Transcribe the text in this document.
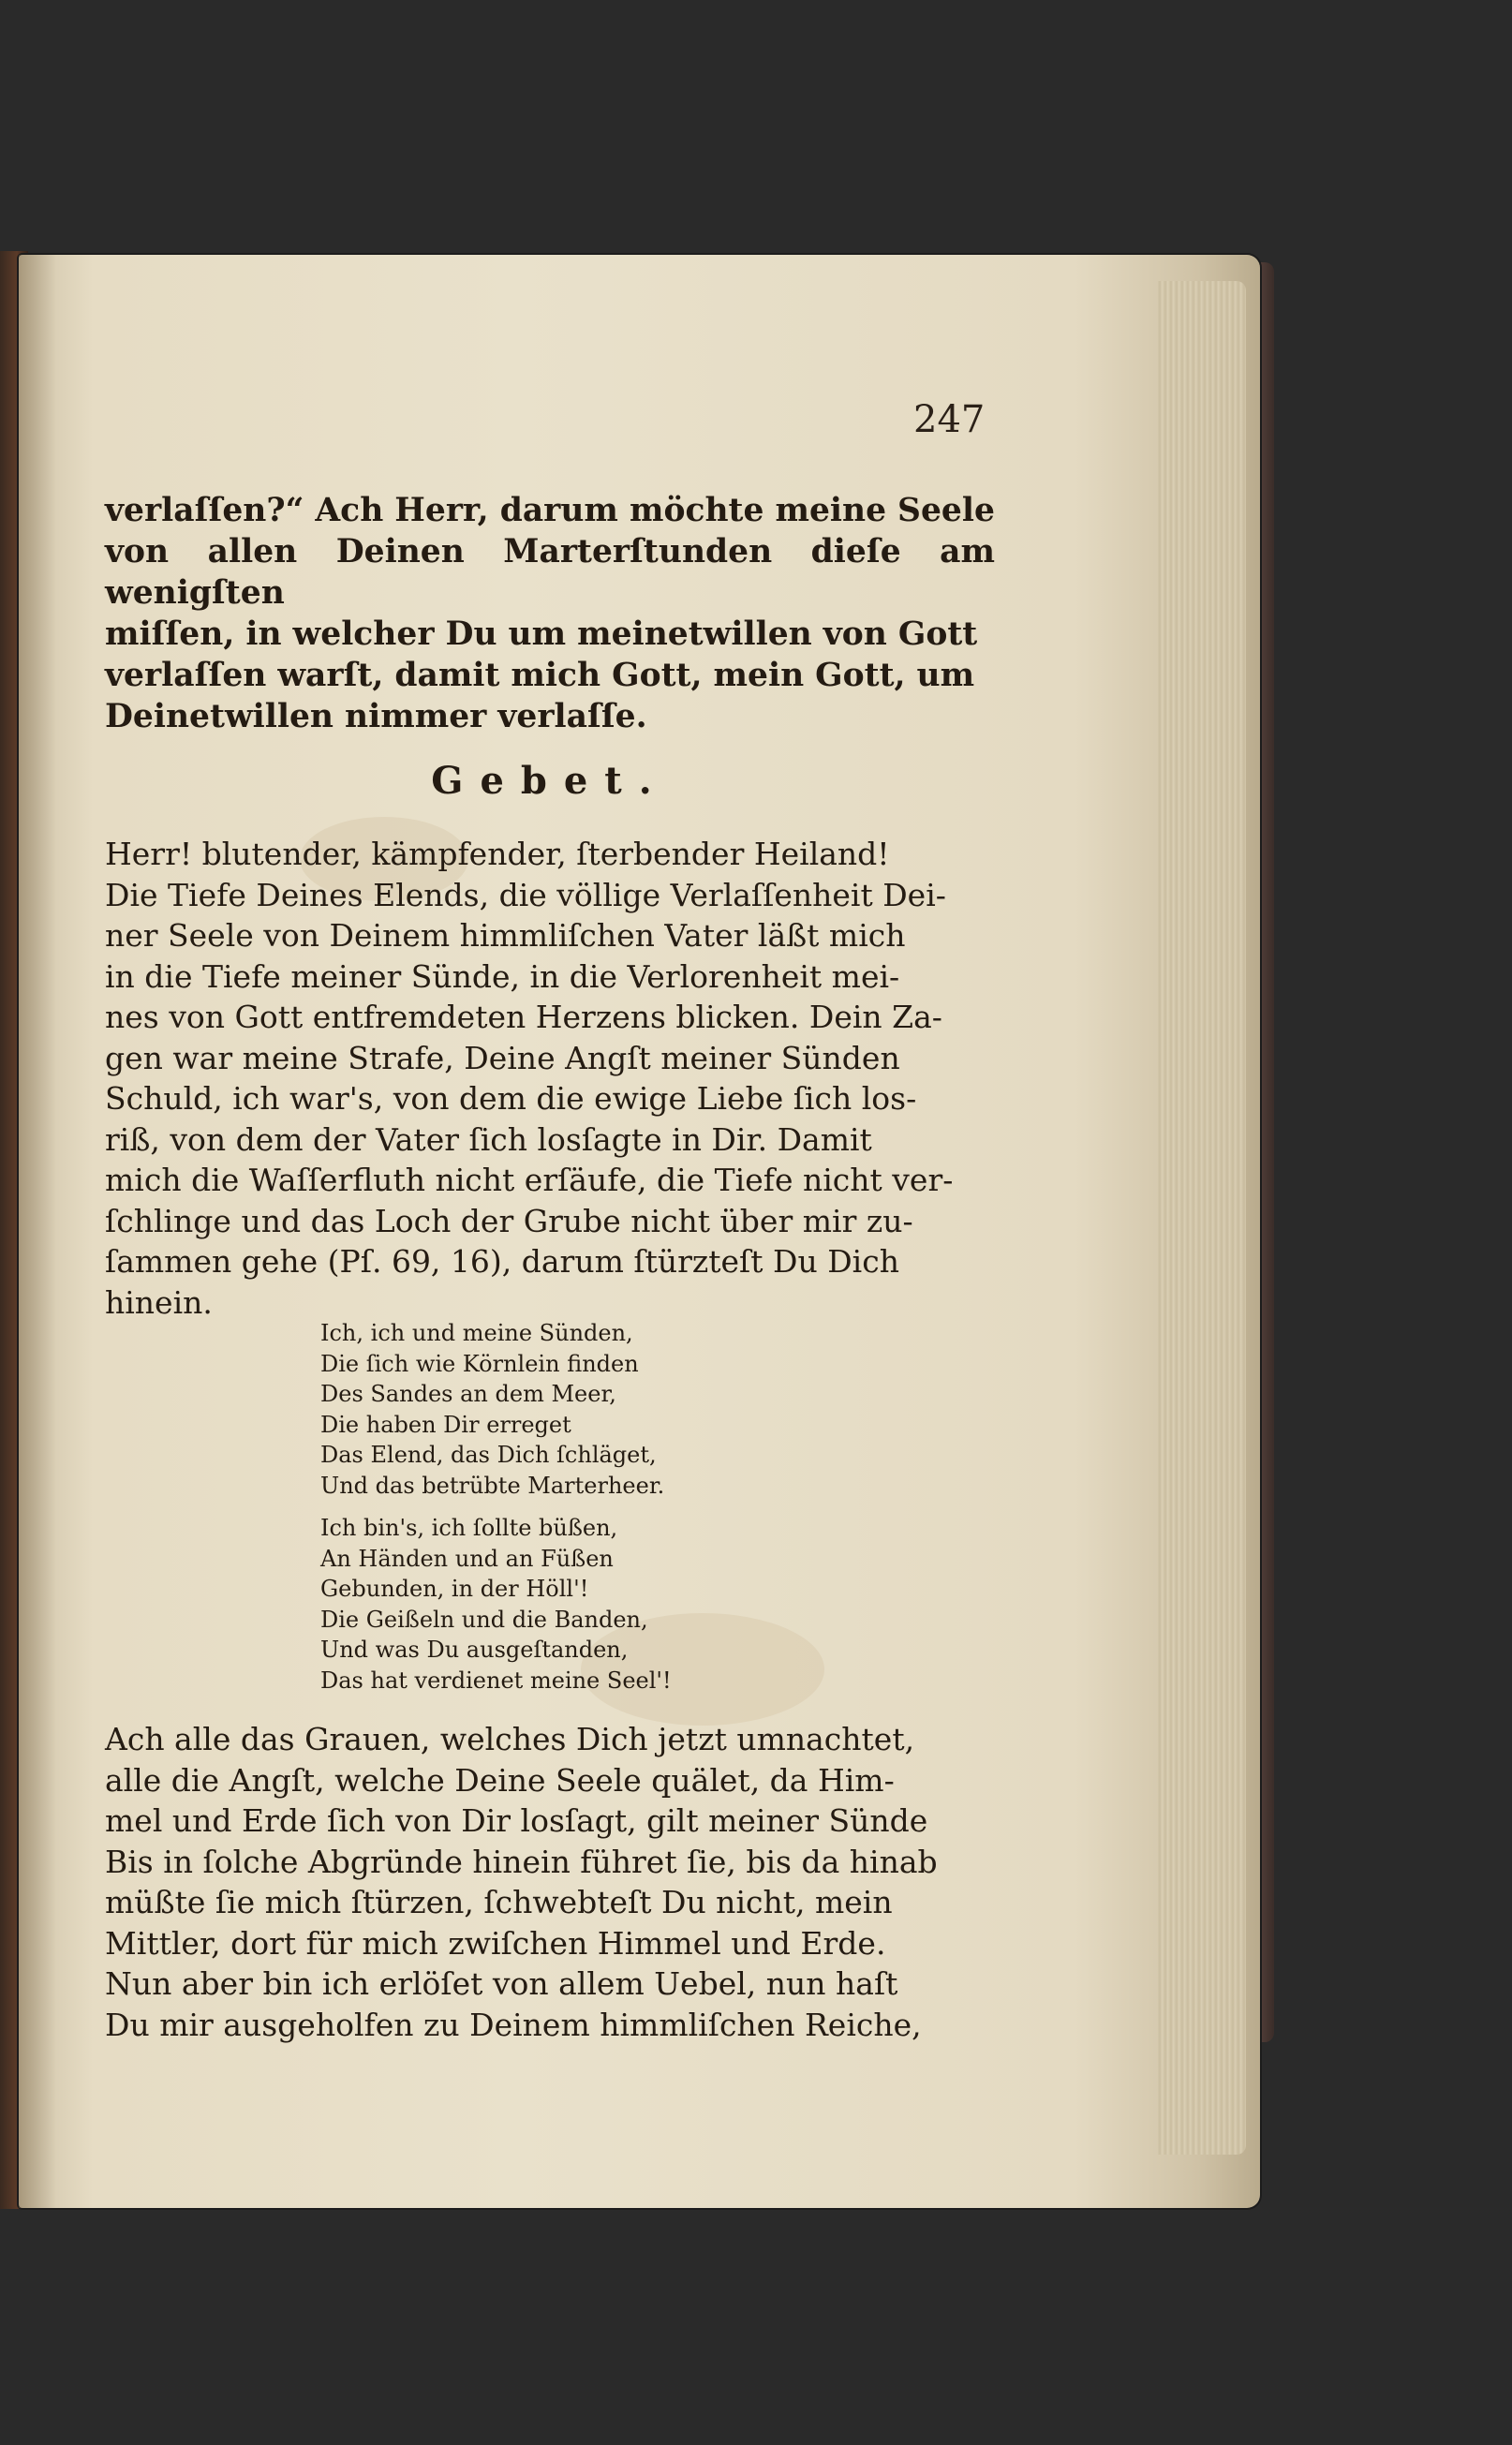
247

verlaſſen?“ Ach Herr, darum möchte meine Seele
von allen Deinen Marterſtunden dieſe am wenigſten
miſſen, in welcher Du um meinetwillen von Gott
verlaſſen warſt, damit mich Gott, mein Gott, um
Deinetwillen nimmer verlaſſe.

Gebet.

Herr! blutender, kämpfender, ſterbender Heiland!
Die Tiefe Deines Elends, die völlige Verlaſſenheit Dei-
ner Seele von Deinem himmliſchen Vater läßt mich
in die Tiefe meiner Sünde, in die Verlorenheit mei-
nes von Gott entfremdeten Herzens blicken. Dein Za-
gen war meine Strafe, Deine Angſt meiner Sünden
Schuld, ich war's, von dem die ewige Liebe ſich los-
riß, von dem der Vater ſich losſagte in Dir. Damit
mich die Waſſerfluth nicht erſäufe, die Tiefe nicht ver-
ſchlinge und das Loch der Grube nicht über mir zu-
ſammen gehe (Pſ. 69, 16), darum ſtürzteſt Du Dich
hinein.

Ich, ich und meine Sünden,
Die ſich wie Körnlein finden
Des Sandes an dem Meer,
Die haben Dir erreget
Das Elend, das Dich ſchläget,
Und das betrübte Marterheer.
Ich bin's, ich ſollte büßen,
An Händen und an Füßen
Gebunden, in der Höll'!
Die Geißeln und die Banden,
Und was Du ausgeſtanden,
Das hat verdienet meine Seel'!

Ach alle das Grauen, welches Dich jetzt umnachtet,
alle die Angſt, welche Deine Seele quälet, da Him-
mel und Erde ſich von Dir losſagt, gilt meiner Sünde
Bis in ſolche Abgründe hinein führet ſie, bis da hinab
müßte ſie mich ſtürzen, ſchwebteſt Du nicht, mein
Mittler, dort für mich zwiſchen Himmel und Erde.
Nun aber bin ich erlöſet von allem Uebel, nun haſt
Du mir ausgeholfen zu Deinem himmliſchen Reiche,
